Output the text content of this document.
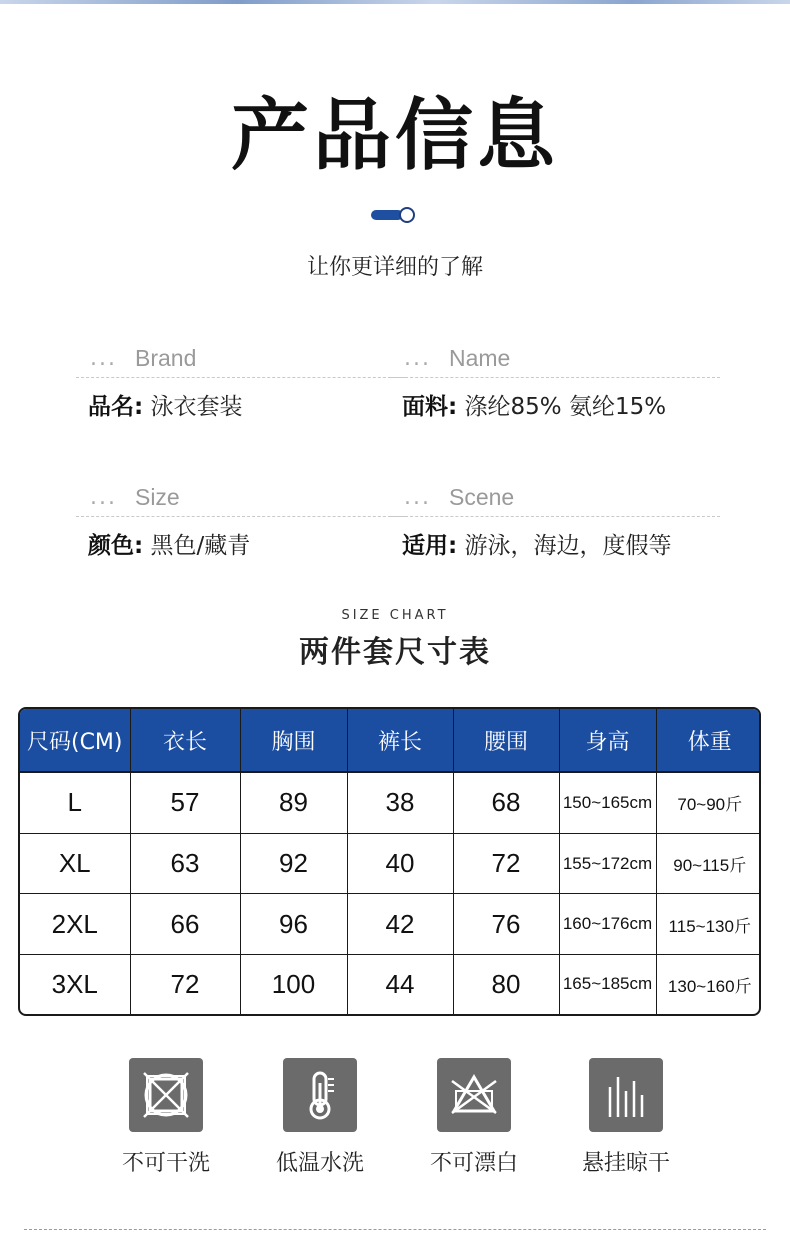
产品信息
让你更详细的了解
... Brand
品名: 泳衣套装
... Name
面料: 涤纶85% 氨纶15%
... Size
颜色: 黑色/藏青
... Scene
适用: 游泳，海边，度假等
SIZE CHART
两件套尺寸表
尺码(CM)	衣长	胸围	裤长	腰围	身高	体重
L	57	89	38	68	150~165cm	70~90斤
XL	63	92	40	72	155~172cm	90~115斤
2XL	66	96	42	76	160~176cm	115~130斤
3XL	72	100	44	80	165~185cm	130~160斤
不可干洗	低温水洗	不可漂白	悬挂晾干
